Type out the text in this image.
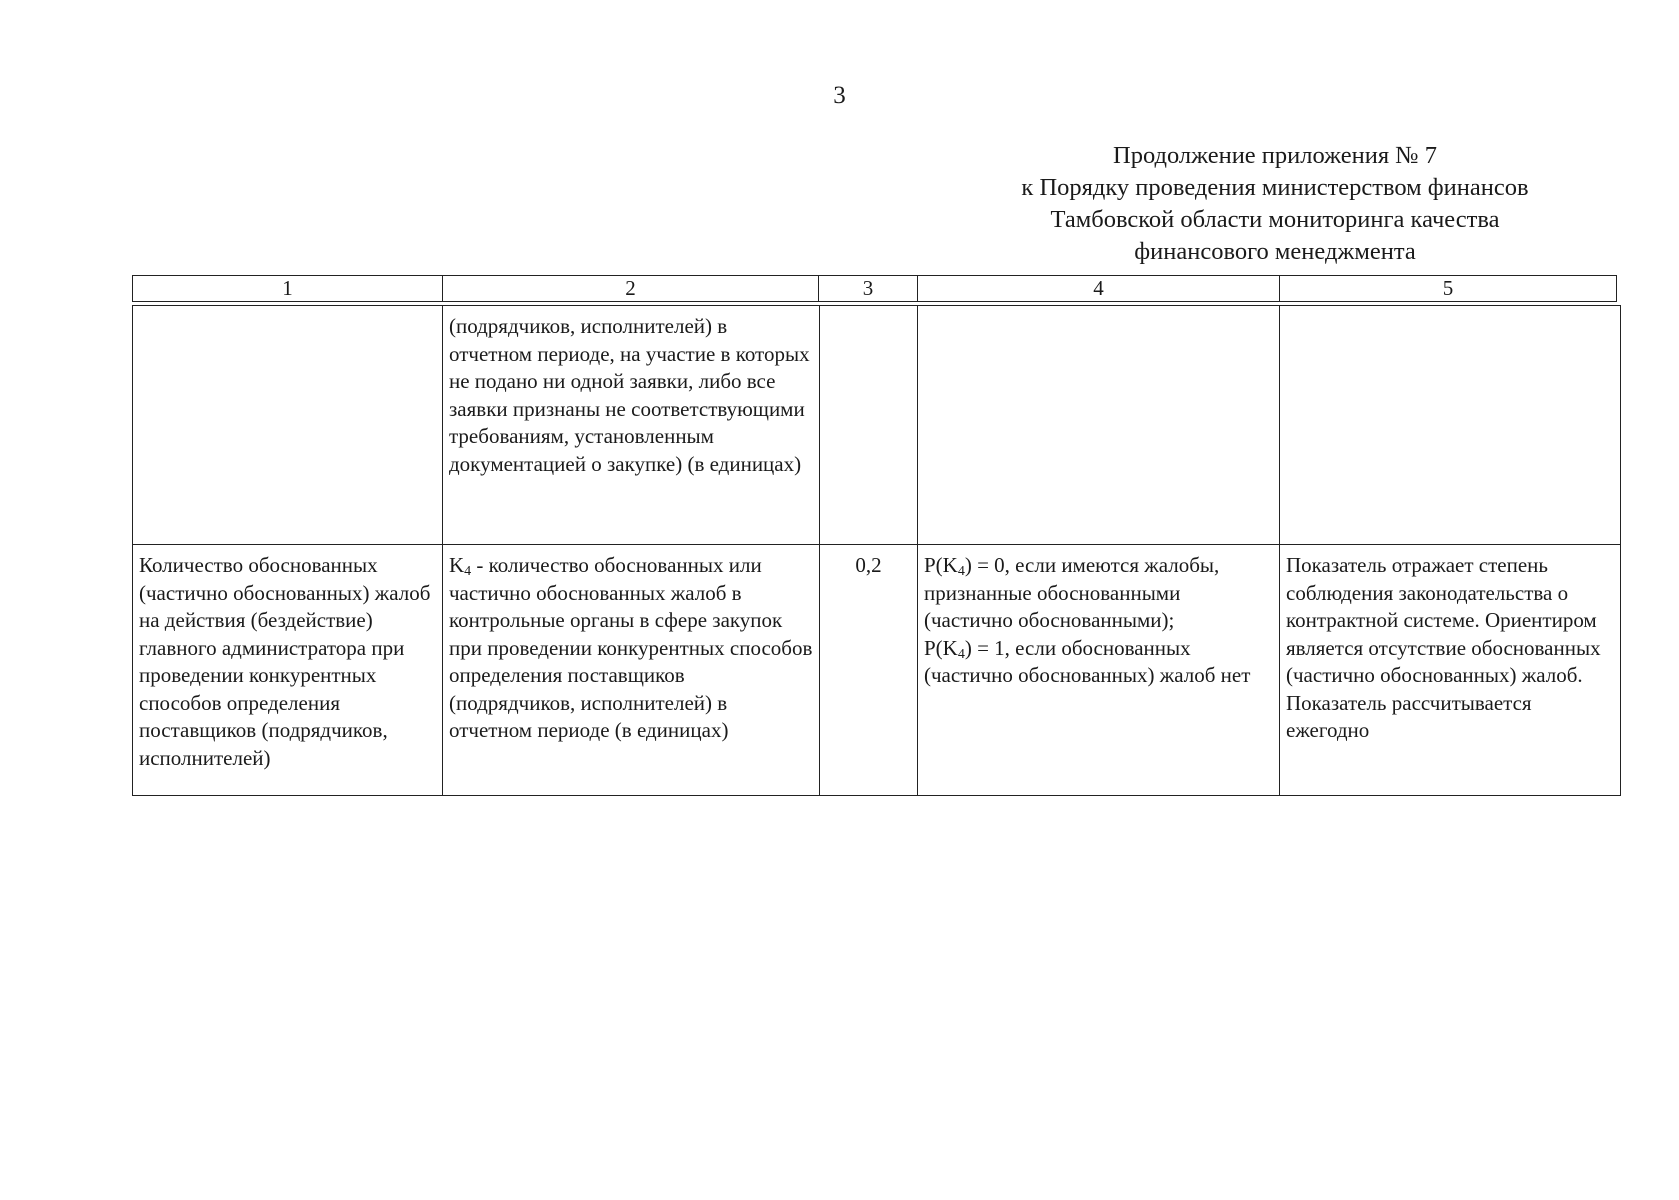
3
Продолжение приложения № 7
к Порядку проведения министерством финансов
Тамбовской области мониторинга качества
финансового менеджмента
1	2	3	4	5
	(подрядчиков, исполнителей) в отчетном периоде, на участие в которых не подано ни одной заявки, либо все заявки признаны не соответствующими требованиям, установленным документацией о закупке) (в единицах)			
Количество обоснованных (частично обоснованных) жалоб на действия (бездействие) главного администратора при проведении конкурентных способов определения поставщиков (подрядчиков, исполнителей)	$K_4$ - количество обоснованных или частично обоснованных жалоб в контрольные органы в сфере закупок при проведении конкурентных способов определения поставщиков (подрядчиков, исполнителей) в отчетном периоде (в единицах)	0,2	$P(K_4) = 0$, если имеются жалобы, признанные обоснованными (частично обоснованными);
$P(K_4) = 1$, если обоснованных (частично обоснованных) жалоб нет	Показатель отражает степень соблюдения законодательства о контрактной системе. Ориентиром является отсутствие обоснованных (частично обоснованных) жалоб. Показатель рассчитывается ежегодно
